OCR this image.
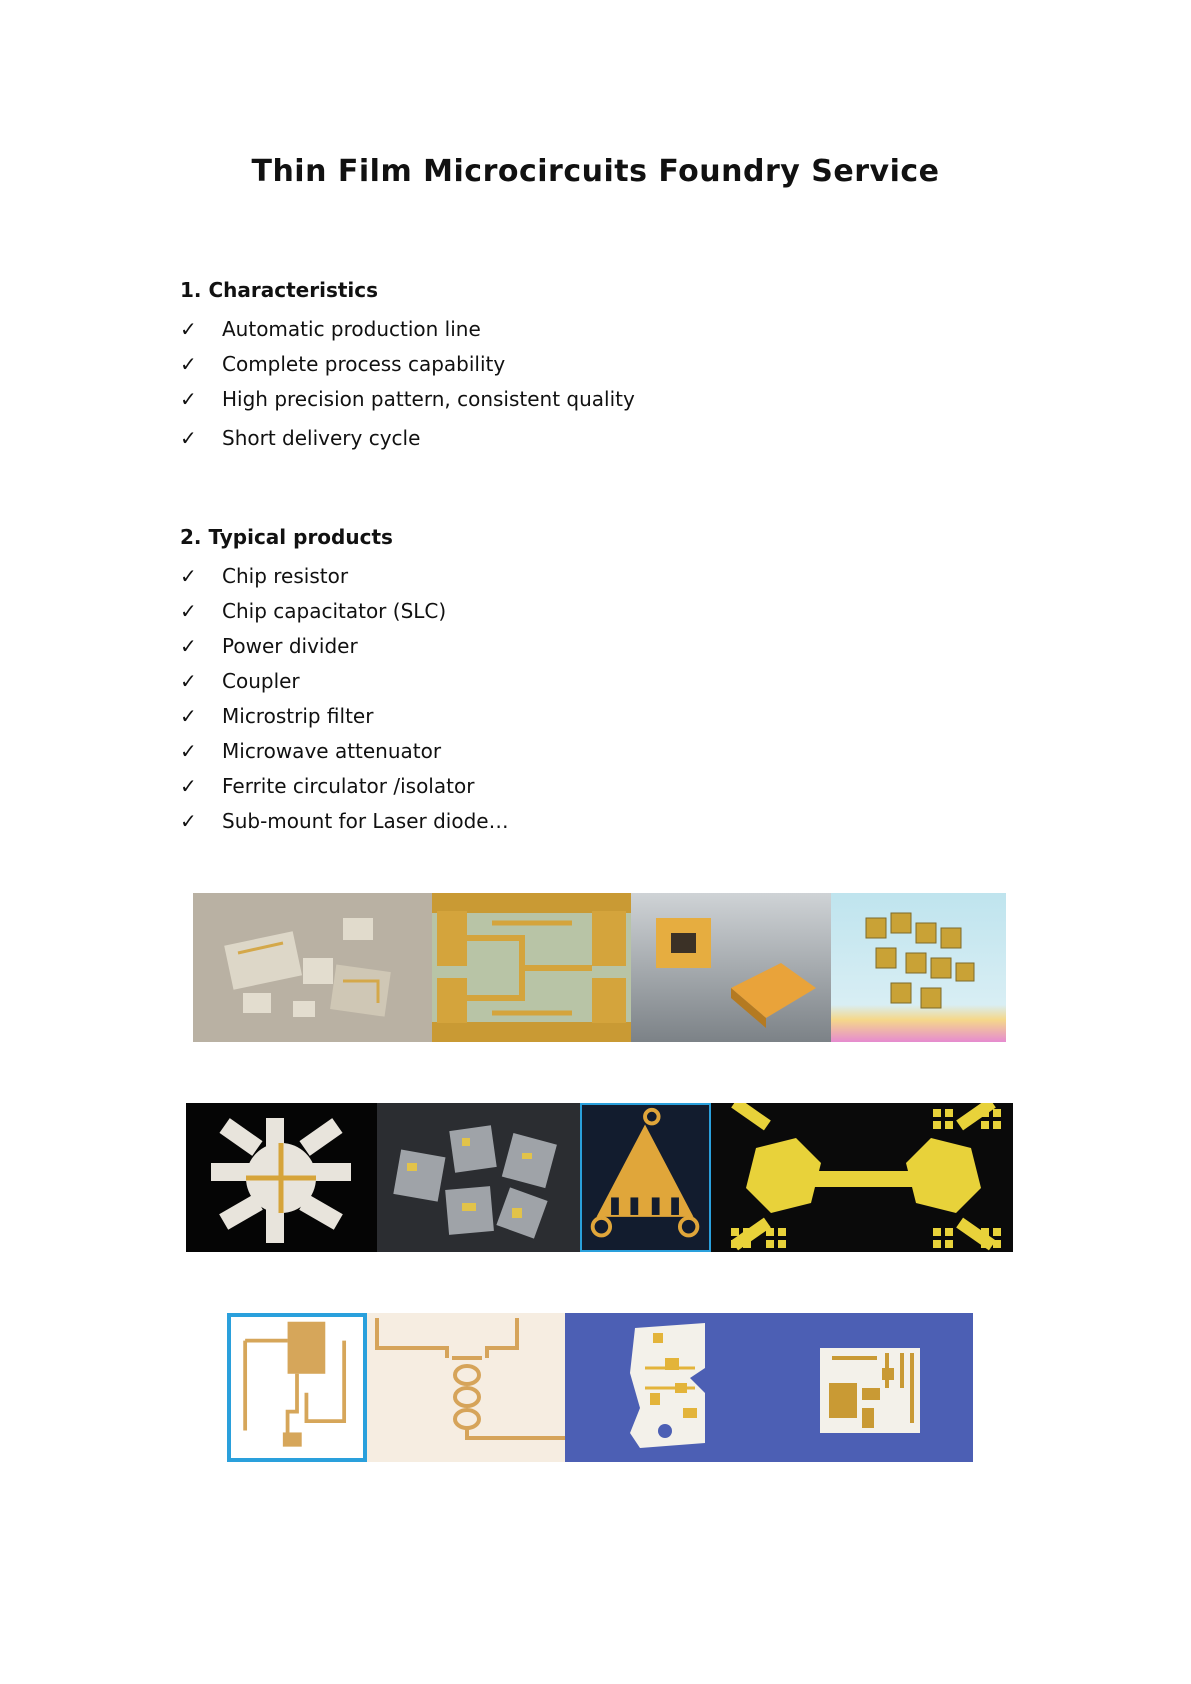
Thin Film Microcircuits Foundry Service
1. Characteristics
✓	Automatic production line
✓	Complete process capability
✓	High precision pattern, consistent quality
✓	Short delivery cycle
2. Typical products
✓	Chip resistor
✓	Chip capacitator (SLC)
✓	Power divider
✓	Coupler
✓	Microstrip filter
✓	Microwave attenuator
✓	Ferrite circulator /isolator
✓	Sub-mount for Laser diode…
